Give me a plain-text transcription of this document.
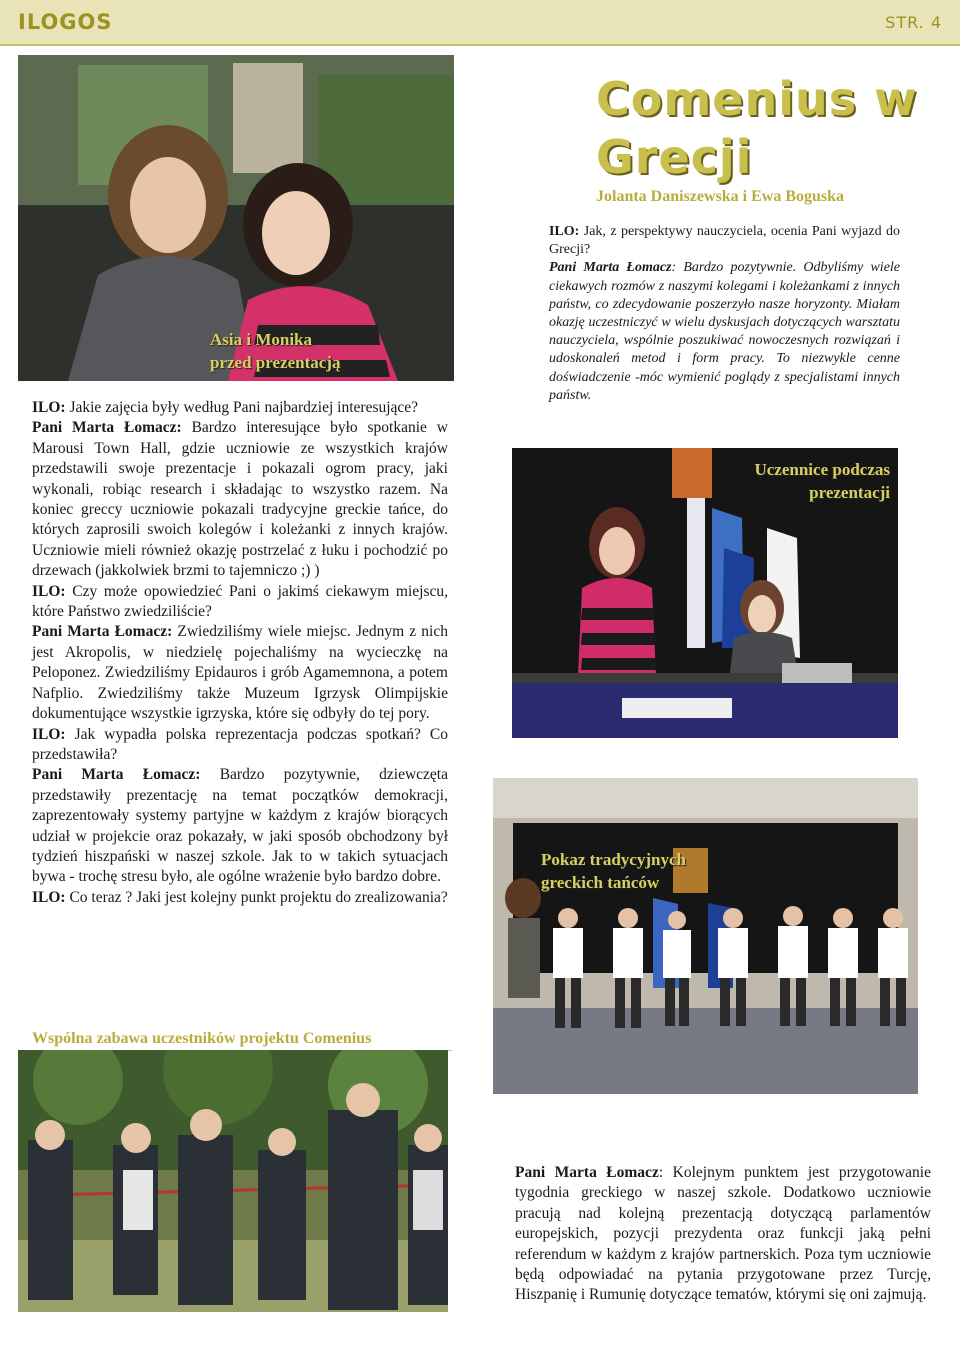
ILOGOS	STR. 4
Asia i Monika
przed prezentacją
Comenius w
Grecji
Jolanta Daniszewska i Ewa Boguska

ILO: Jak, z perspektywy nauczyciela, ocenia Pani wyjazd do Grecji?

Pani Marta Łomacz: Bardzo pozytywnie. Odbyliśmy wiele ciekawych rozmów z naszymi kolegami i koleżankami z innych państw, co zdecydowanie poszerzyło nasze horyzonty. Miałam okazję uczestniczyć w wielu dyskusjach dotyczących warsztatu nauczyciela, wspólnie poszukiwać nowoczesnych rozwiązań i udoskonaleń metod i form pracy. To niezwykle cenne doświadczenie -móc wymienić poglądy z specjalistami innych państw.

ILO: Jakie zajęcia były według Pani najbardziej interesujące?

Pani Marta Łomacz: Bardzo interesujące było spotkanie w Marousi Town Hall, gdzie uczniowie ze wszystkich krajów przedstawili swoje prezentacje i pokazali ogrom pracy, jaki wykonali, robiąc research i składając to wszystko razem. Na koniec greccy uczniowie pokazali tradycyjne greckie tańce, do których zaprosili swoich kolegów i koleżanki z innych krajów. Uczniowie mieli również okazję postrzelać z łuku i pochodzić po drzewach (jakkolwiek brzmi to tajemniczo ;) )

ILO: Czy może opowiedzieć Pani o jakimś ciekawym miejscu, które Państwo zwiedziliście?

Pani Marta Łomacz: Zwiedziliśmy wiele miejsc. Jednym z nich jest Akropolis, w niedzielę pojechaliśmy na wycieczkę na Peloponez. Zwiedziliśmy Epidauros i grób Agamemnona, a potem Nafplio. Zwiedziliśmy także Muzeum Igrzysk Olimpijskie dokumentujące wszystkie igrzyska, które się odbyły do tej pory.

ILO: Jak wypadła polska reprezentacja podczas spotkań? Co przedstawiła?

Pani Marta Łomacz: Bardzo pozytywnie, dziewczęta przedstawiły prezentację na temat początków demokracji, zaprezentowały systemy partyjne w każdym z krajów biorących udział w projekcie oraz pokazały, w jaki sposób obchodzony był tydzień hiszpański w naszej szkole. Jak to w takich sytuacjach bywa - trochę stresu było, ale ogólne wrażenie było bardzo dobre.

ILO: Co teraz ? Jaki jest kolejny punkt projektu do zrealizowania?

Uczennice podczas
prezentacji
Pokaz tradycyjnych
greckich tańców
Wspólna zabawa uczestników projektu Comenius

Pani Marta Łomacz: Kolejnym punktem jest przygotowanie tygodnia greckiego w naszej szkole. Dodatkowo uczniowie pracują nad kolejną prezentacją dotyczącą parlamentów europejskich, pozycji prezydenta oraz funkcji jaką pełni referendum w każdym z krajów partnerskich. Poza tym uczniowie będą odpowiadać na pytania przygotowane przez Turcję, Hiszpanię i Rumunię dotyczące tematów, którymi się oni zajmują.
